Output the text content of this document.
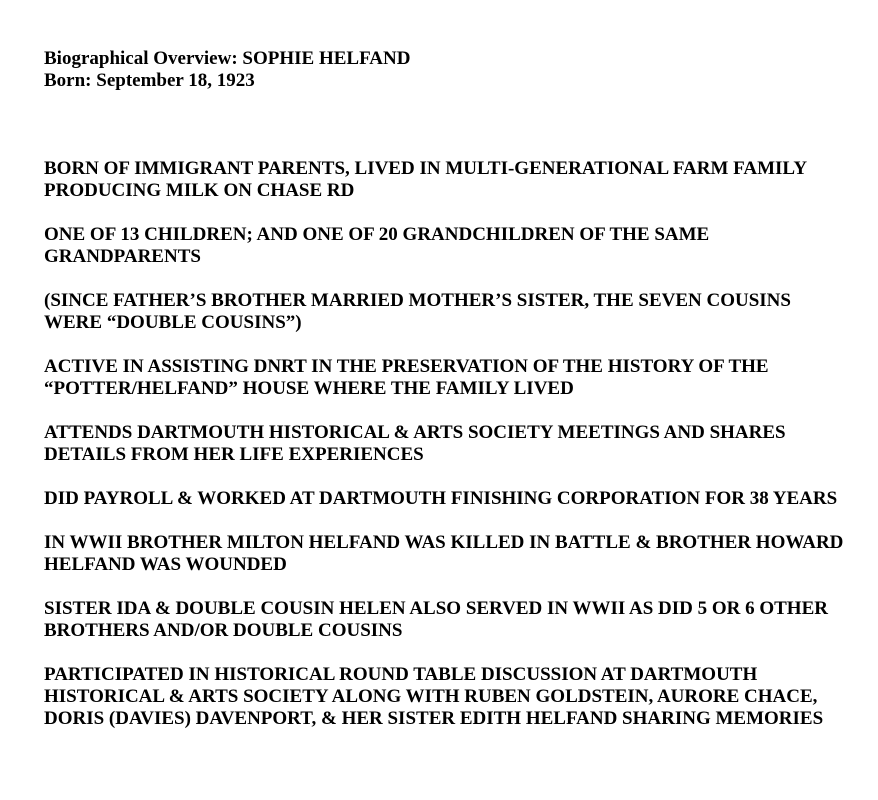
Biographical Overview: SOPHIE HELFAND

Born: September 18, 1923

BORN OF IMMIGRANT PARENTS, LIVED IN MULTI-GENERATIONAL FARM FAMILY PRODUCING MILK ON CHASE RD

ONE OF 13 CHILDREN; AND ONE OF 20 GRANDCHILDREN OF THE SAME GRANDPARENTS

(SINCE FATHER’S BROTHER MARRIED MOTHER’S SISTER, THE SEVEN COUSINS WERE “DOUBLE COUSINS”)

ACTIVE IN ASSISTING DNRT IN THE PRESERVATION OF THE HISTORY OF THE “POTTER/HELFAND” HOUSE WHERE THE FAMILY LIVED

ATTENDS DARTMOUTH HISTORICAL & ARTS SOCIETY MEETINGS AND SHARES DETAILS FROM HER LIFE EXPERIENCES

DID PAYROLL & WORKED AT DARTMOUTH FINISHING CORPORATION FOR 38 YEARS

IN WWII BROTHER MILTON HELFAND WAS KILLED IN BATTLE & BROTHER HOWARD HELFAND WAS WOUNDED

SISTER IDA & DOUBLE COUSIN HELEN ALSO SERVED IN WWII AS DID 5 OR 6 OTHER BROTHERS AND/OR DOUBLE COUSINS

PARTICIPATED IN HISTORICAL ROUND TABLE DISCUSSION AT DARTMOUTH HISTORICAL & ARTS SOCIETY ALONG WITH RUBEN GOLDSTEIN, AURORE CHACE, DORIS (DAVIES) DAVENPORT, & HER SISTER EDITH HELFAND SHARING MEMORIES
